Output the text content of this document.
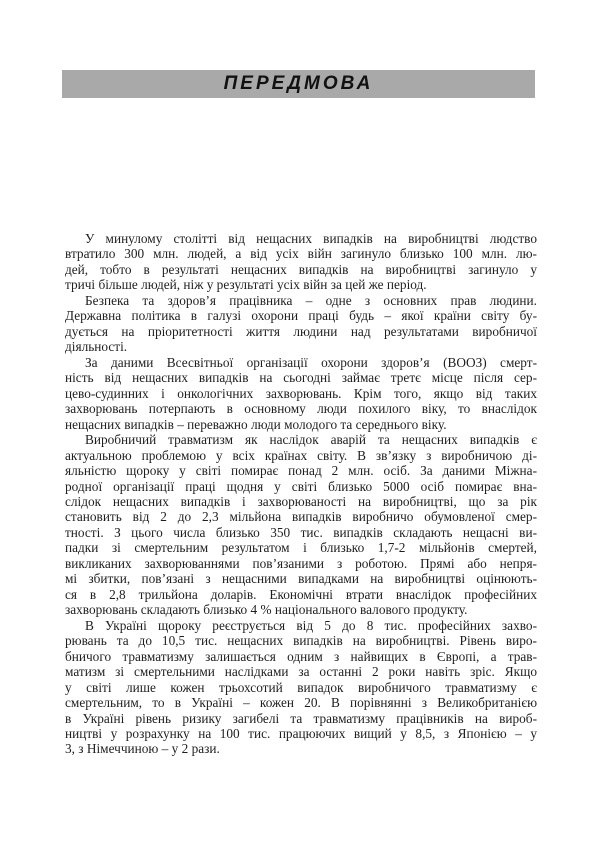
ПЕРЕДМОВА
У минулому столітті від нещасних випадків на виробництві людство
втратило 300 млн. людей, а від усіх війн загинуло близько 100 млн. лю-
дей, тобто в результаті нещасних випадків на виробництві загинуло у
тричі більше людей, ніж у результаті усіх війн за цей же період.
Безпека та здоров’я працівника – одне з основних прав людини.
Державна політика в галузі охорони праці будь – якої країни світу бу-
дується на пріоритетності життя людини над результатами виробничої
діяльності.
За даними Всесвітньої організації охорони здоров’я (ВООЗ) смерт-
ність від нещасних випадків на сьогодні займає третє місце після сер-
цево-судинних і онкологічних захворювань. Крім того, якщо від таких
захворювань потерпають в основному люди похилого віку, то внаслідок
нещасних випадків – переважно люди молодого та середнього віку.
Виробничий травматизм як наслідок аварій та нещасних випадків є
актуальною проблемою у всіх країнах світу. В зв’язку з виробничою ді-
яльністю щороку у світі помирає понад 2 млн. осіб. За даними Міжна-
родної організації праці щодня у світі близько 5000 осіб помирає вна-
слідок нещасних випадків і захворюваності на виробництві, що за рік
становить від 2 до 2,3 мільйона випадків виробничо обумовленої смер-
тності. З цього числа близько 350 тис. випадків складають нещасні ви-
падки зі смертельним результатом і близько 1,7-2 мільйонів смертей,
викликаних захворюваннями пов’язаними з роботою. Прямі або непря-
мі збитки, пов’язані з нещасними випадками на виробництві оцінюють-
ся в 2,8 трильйона доларів. Економічні втрати внаслідок професійних
захворювань складають близько 4 % національного валового продукту.
В Україні щороку реєструється від 5 до 8 тис. професійних захво-
рювань та до 10,5 тис. нещасних випадків на виробництві. Рівень виро-
бничого травматизму залишається одним з найвищих в Європі, а трав-
матизм зі смертельними наслідками за останні 2 роки навіть зріс. Якщо
у світі лише кожен трьохсотий випадок виробничого травматизму є
смертельним, то в Україні – кожен 20. В порівнянні з Великобританією
в Україні рівень ризику загибелі та травматизму працівників на вироб-
ництві у розрахунку на 100 тис. працюючих вищий у 8,5, з Японією – у
3, з Німеччиною – у 2 рази.
